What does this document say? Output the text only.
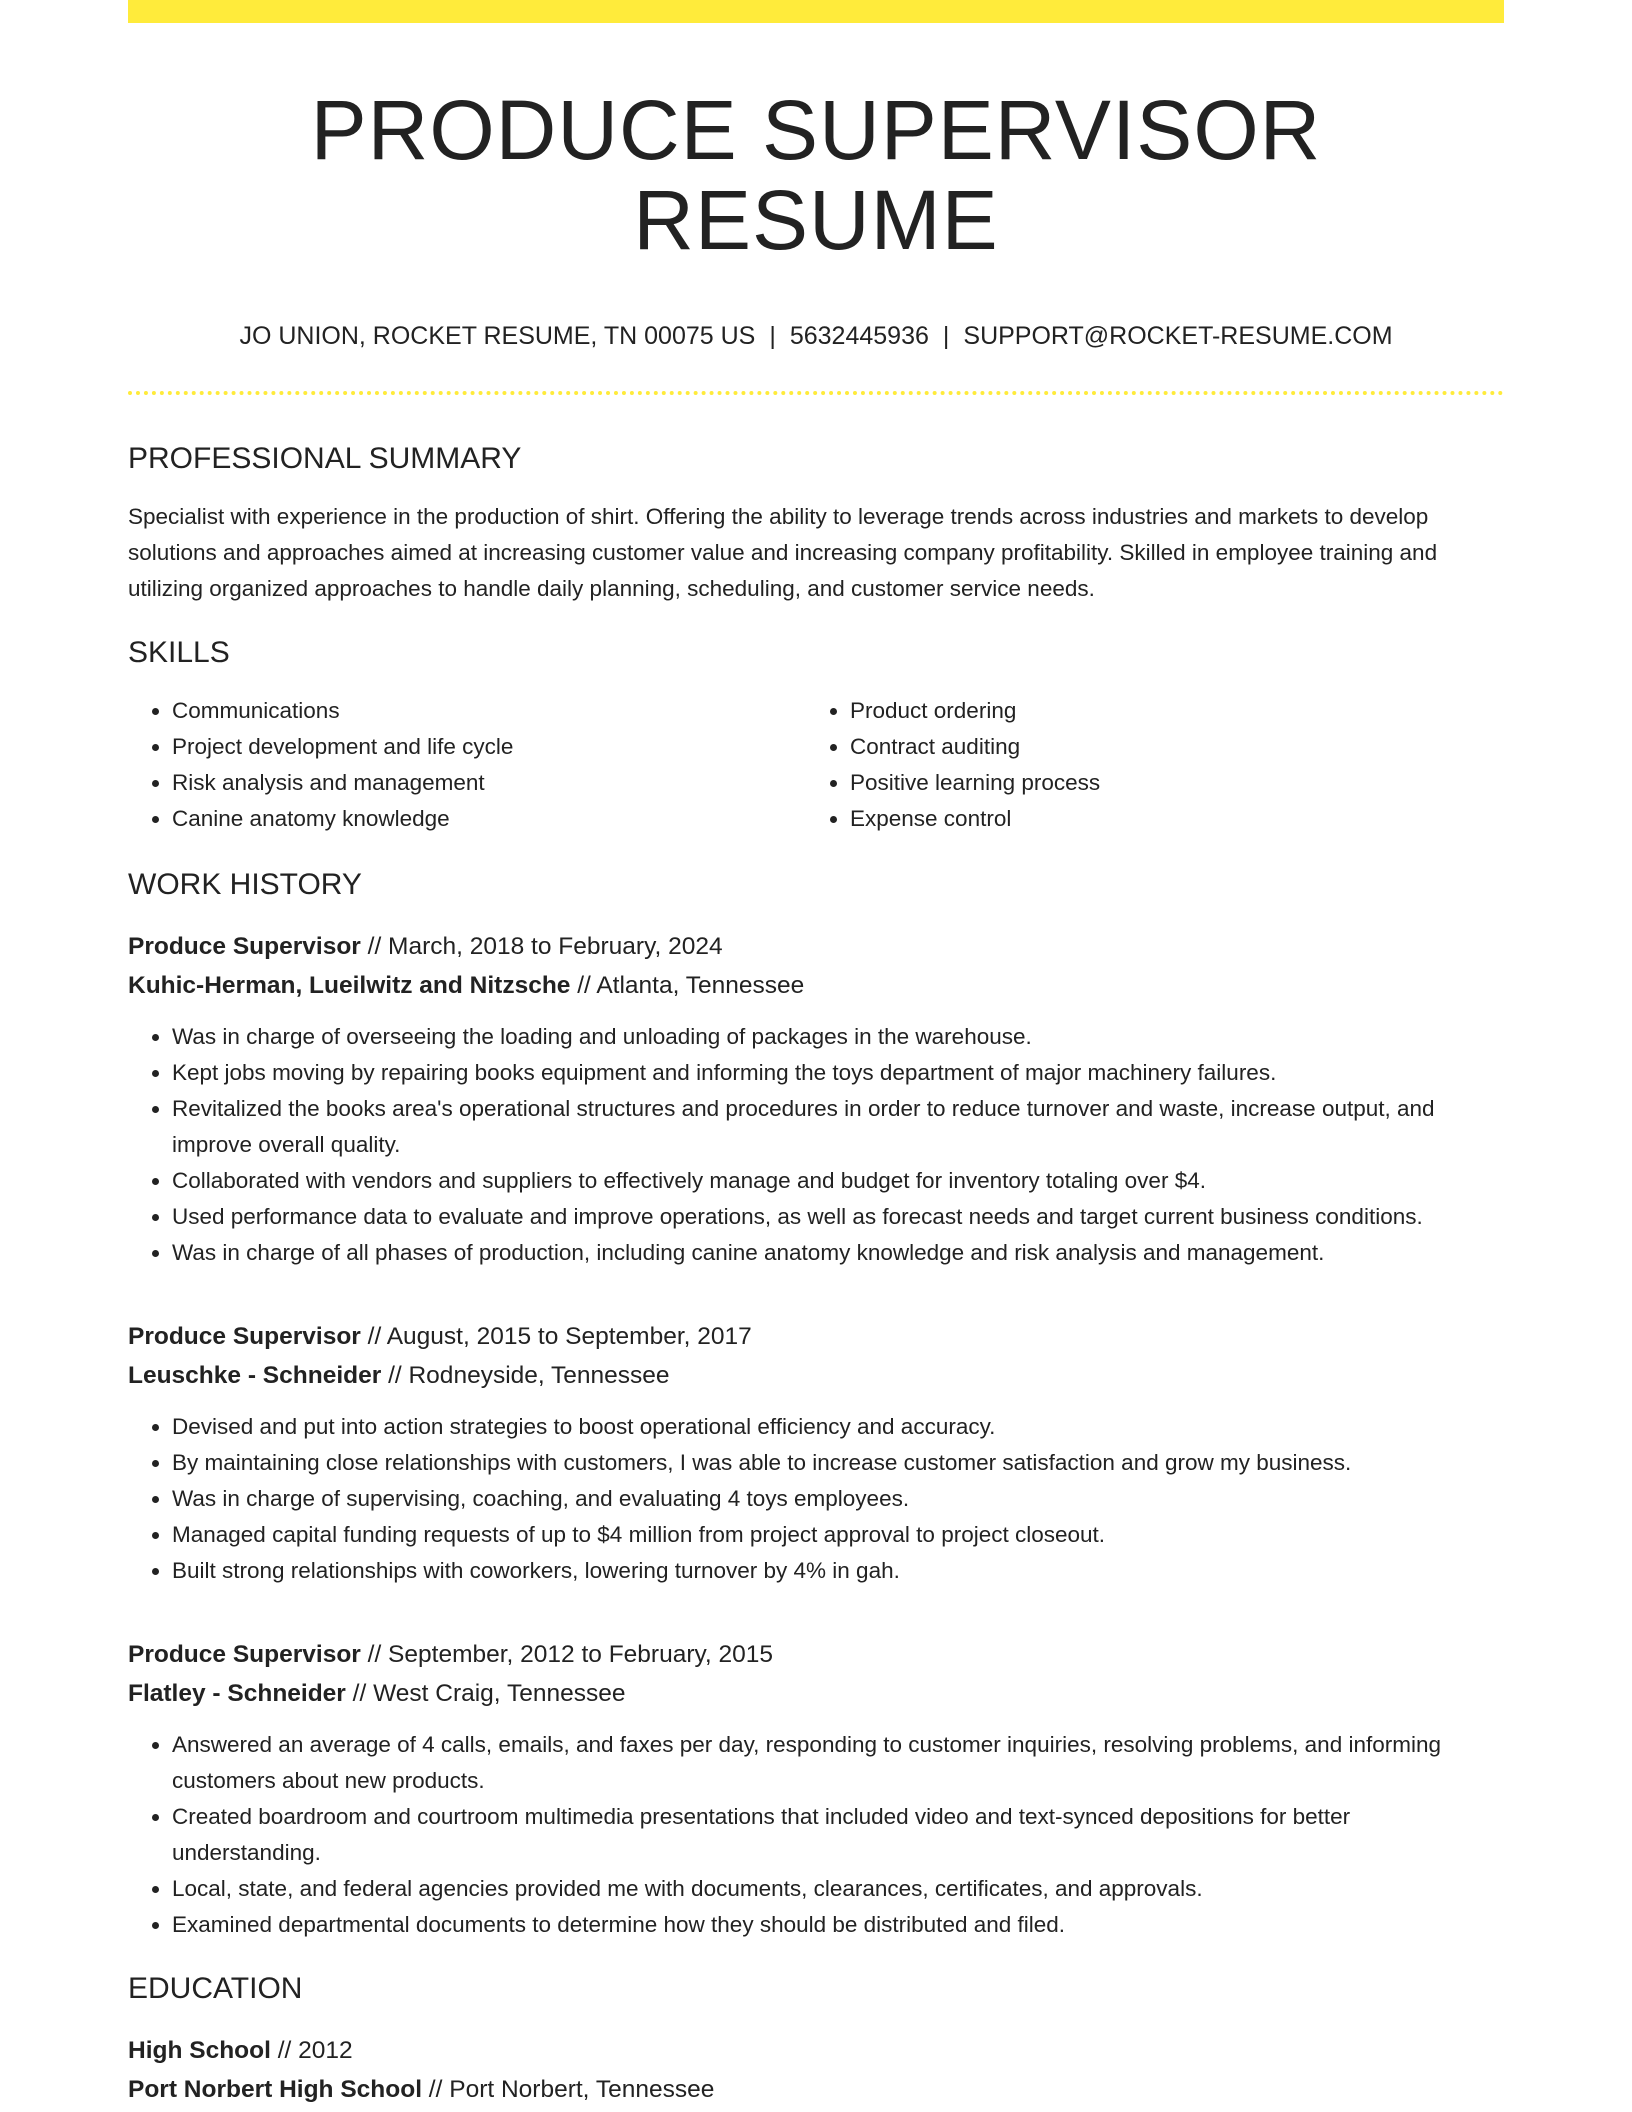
PRODUCE SUPERVISOR RESUME
JO UNION, ROCKET RESUME, TN 00075 US | 5632445936 | SUPPORT@ROCKET-RESUME.COM
PROFESSIONAL SUMMARY
Specialist with experience in the production of shirt. Offering the ability to leverage trends across industries and markets to develop solutions and approaches aimed at increasing customer value and increasing company profitability. Skilled in employee training and utilizing organized approaches to handle daily planning, scheduling, and customer service needs.
SKILLS
• Communications
• Project development and life cycle
• Risk analysis and management
• Canine anatomy knowledge
• Product ordering
• Contract auditing
• Positive learning process
• Expense control
WORK HISTORY
Produce Supervisor // March, 2018 to February, 2024
Kuhic-Herman, Lueilwitz and Nitzsche // Atlanta, Tennessee
• Was in charge of overseeing the loading and unloading of packages in the warehouse.
• Kept jobs moving by repairing books equipment and informing the toys department of major machinery failures.
• Revitalized the books area's operational structures and procedures in order to reduce turnover and waste, increase output, and improve overall quality.
• Collaborated with vendors and suppliers to effectively manage and budget for inventory totaling over $4.
• Used performance data to evaluate and improve operations, as well as forecast needs and target current business conditions.
• Was in charge of all phases of production, including canine anatomy knowledge and risk analysis and management.
Produce Supervisor // August, 2015 to September, 2017
Leuschke - Schneider // Rodneyside, Tennessee
• Devised and put into action strategies to boost operational efficiency and accuracy.
• By maintaining close relationships with customers, I was able to increase customer satisfaction and grow my business.
• Was in charge of supervising, coaching, and evaluating 4 toys employees.
• Managed capital funding requests of up to $4 million from project approval to project closeout.
• Built strong relationships with coworkers, lowering turnover by 4% in gah.
Produce Supervisor // September, 2012 to February, 2015
Flatley - Schneider // West Craig, Tennessee
• Answered an average of 4 calls, emails, and faxes per day, responding to customer inquiries, resolving problems, and informing customers about new products.
• Created boardroom and courtroom multimedia presentations that included video and text-synced depositions for better understanding.
• Local, state, and federal agencies provided me with documents, clearances, certificates, and approvals.
• Examined departmental documents to determine how they should be distributed and filed.
EDUCATION
High School // 2012
Port Norbert High School // Port Norbert, Tennessee
